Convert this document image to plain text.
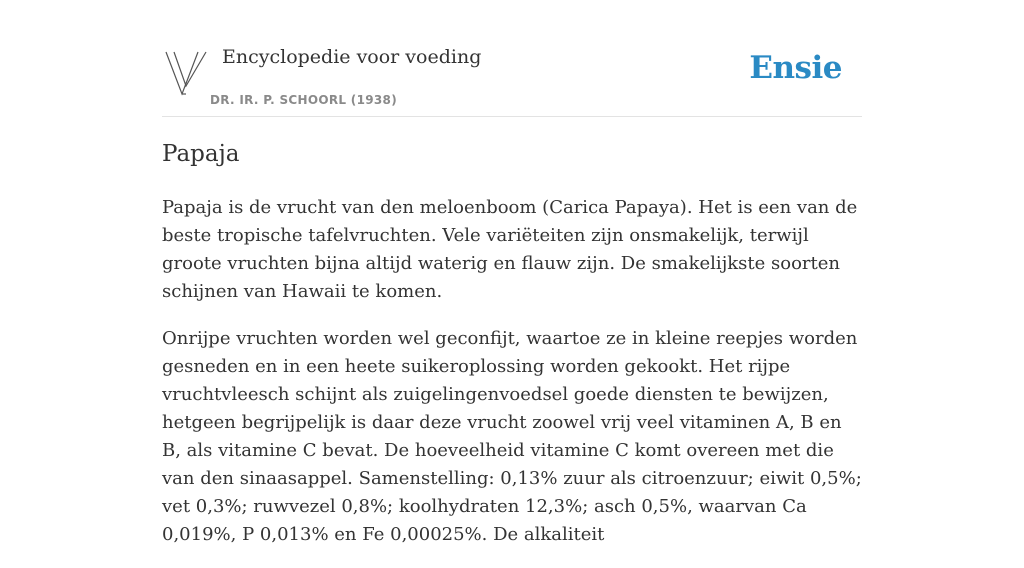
Encyclopedie voor voeding
DR. IR. P. SCHOORL (1938)
Ensie
Papaja

Papaja is de vrucht van den meloenboom (Carica Papaya). Het is een van de beste tropische tafelvruchten. Vele variëteiten zijn onsmakelijk, terwijl groote vruchten bijna altijd waterig en flauw zijn. De smakelijkste soorten schijnen van Hawaii te komen.

Onrijpe vruchten worden wel geconfijt, waartoe ze in kleine reepjes worden gesneden en in een heete suikeroplossing worden gekookt. Het rijpe vruchtvleesch schijnt als zuigelingenvoedsel goede diensten te bewijzen, hetgeen begrijpelijk is daar deze vrucht zoowel vrij veel vitaminen A, B en B, als vitamine C bevat. De hoeveelheid vitamine C komt overeen met die van den sinaasappel. Samenstelling: 0,13% zuur als citroenzuur; eiwit 0,5%; vet 0,3%; ruwvezel 0,8%; koolhydraten 12,3%; asch 0,5%, waarvan Ca 0,019%, P 0,013% en Fe 0,00025%. De alkaliteit
